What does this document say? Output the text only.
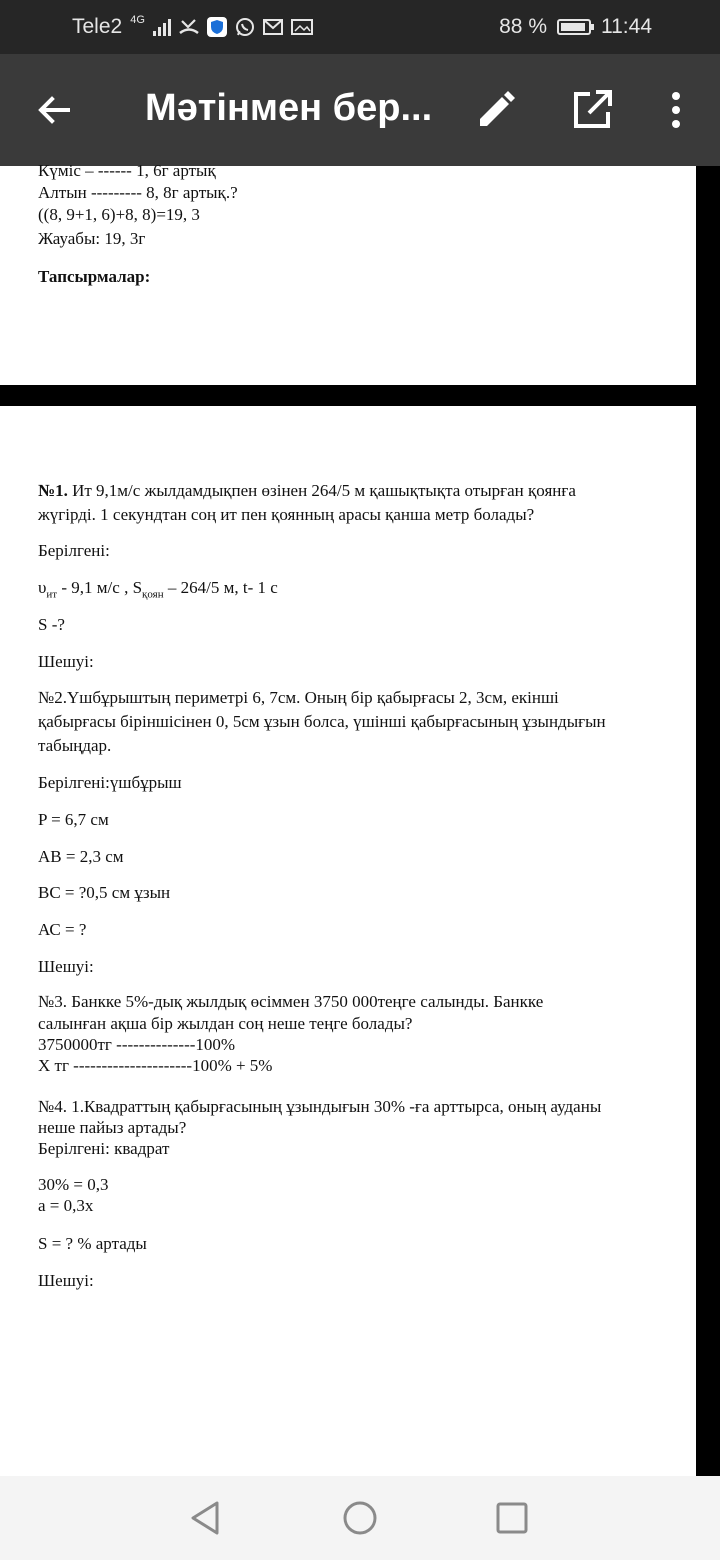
Tele2 4G	88 %	11:44
Мәтінмен бер...
Күміс – ------ 1, 6г артық
Алтын --------- 8, 8г артық.?
((8, 9+1, 6)+8, 8)=19, 3
Жауабы: 19, 3г
Тапсырмалар:
№1. Ит 9,1м/с жылдамдықпен өзінен 264/5 м қашықтықта отырған қоянға
жүгірді. 1 секундтан соң ит пен қоянның арасы қанша метр болады?
Берілгені:
$\upsilon_{ит} - 9,1$ м/с , $S_{қоян} - 264/5$ м, t- 1 с
S -?
Шешуі:
№2.Үшбұрыштың периметрі 6, 7см. Оның бір қабырғасы 2, 3см, екінші
қабырғасы біріншісінен 0, 5см ұзын болса, үшінші қабырғасының ұзындығын
табыңдар.
Берілгені:үшбұрыш
P = 6,7 см
АВ = 2,3 см
ВС = ?0,5 см ұзын
АС = ?
Шешуі:
№3. Банкке 5%-дық жылдық өсіммен 3750 000теңге салынды. Банкке
салынған ақша бір жылдан соң неше теңге болады?
3750000тг --------------100%
Х тг ---------------------100% + 5%
№4. 1.Квадраттың қабырғасының ұзындығын 30% -ға арттырса, оның ауданы
неше пайыз артады?
Берілгені: квадрат
30% = 0,3
а = 0,3х
S = ? % артады
Шешуі:
